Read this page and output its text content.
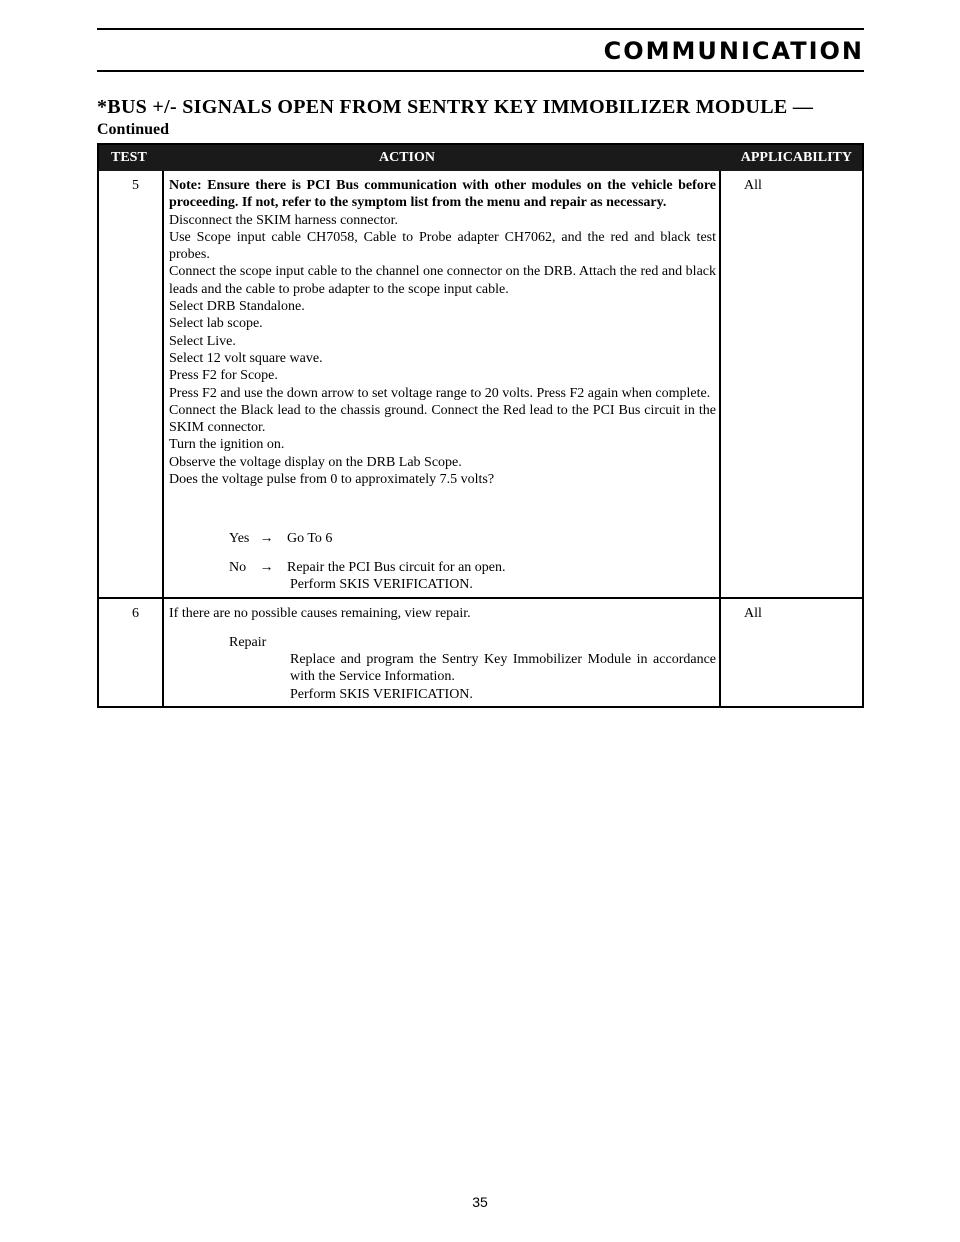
COMMUNICATION
*BUS +/- SIGNALS OPEN FROM SENTRY KEY IMMOBILIZER MODULE —
Continued
TEST	ACTION	APPLICABILITY
5 Note: Ensure there is PCI Bus communication with other modules on the vehicle before proceeding. If not, refer to the symptom list from the menu and repair as necessary.

Disconnect the SKIM harness connector.

Use Scope input cable CH7058, Cable to Probe adapter CH7062, and the red and black test probes.

Connect the scope input cable to the channel one connector on the DRB. Attach the red and black leads and the cable to probe adapter to the scope input cable.

Select DRB Standalone.

Select lab scope.

Select Live.

Select 12 volt square wave.

Press F2 for Scope.

Press F2 and use the down arrow to set voltage range to 20 volts. Press F2 again when complete.

Connect the Black lead to the chassis ground. Connect the Red lead to the PCI Bus circuit in the SKIM connector.

Turn the ignition on.

Observe the voltage display on the DRB Lab Scope.

Does the voltage pulse from 0 to approximately 7.5 volts?

Yes → Go To 6
No → Repair the PCI Bus circuit for an open.
Perform SKIS VERIFICATION.
All
6 If there are no possible causes remaining, view repair.
Repair

Replace and program the Sentry Key Immobilizer Module in accordance with the Service Information.

Perform SKIS VERIFICATION.

All
35
